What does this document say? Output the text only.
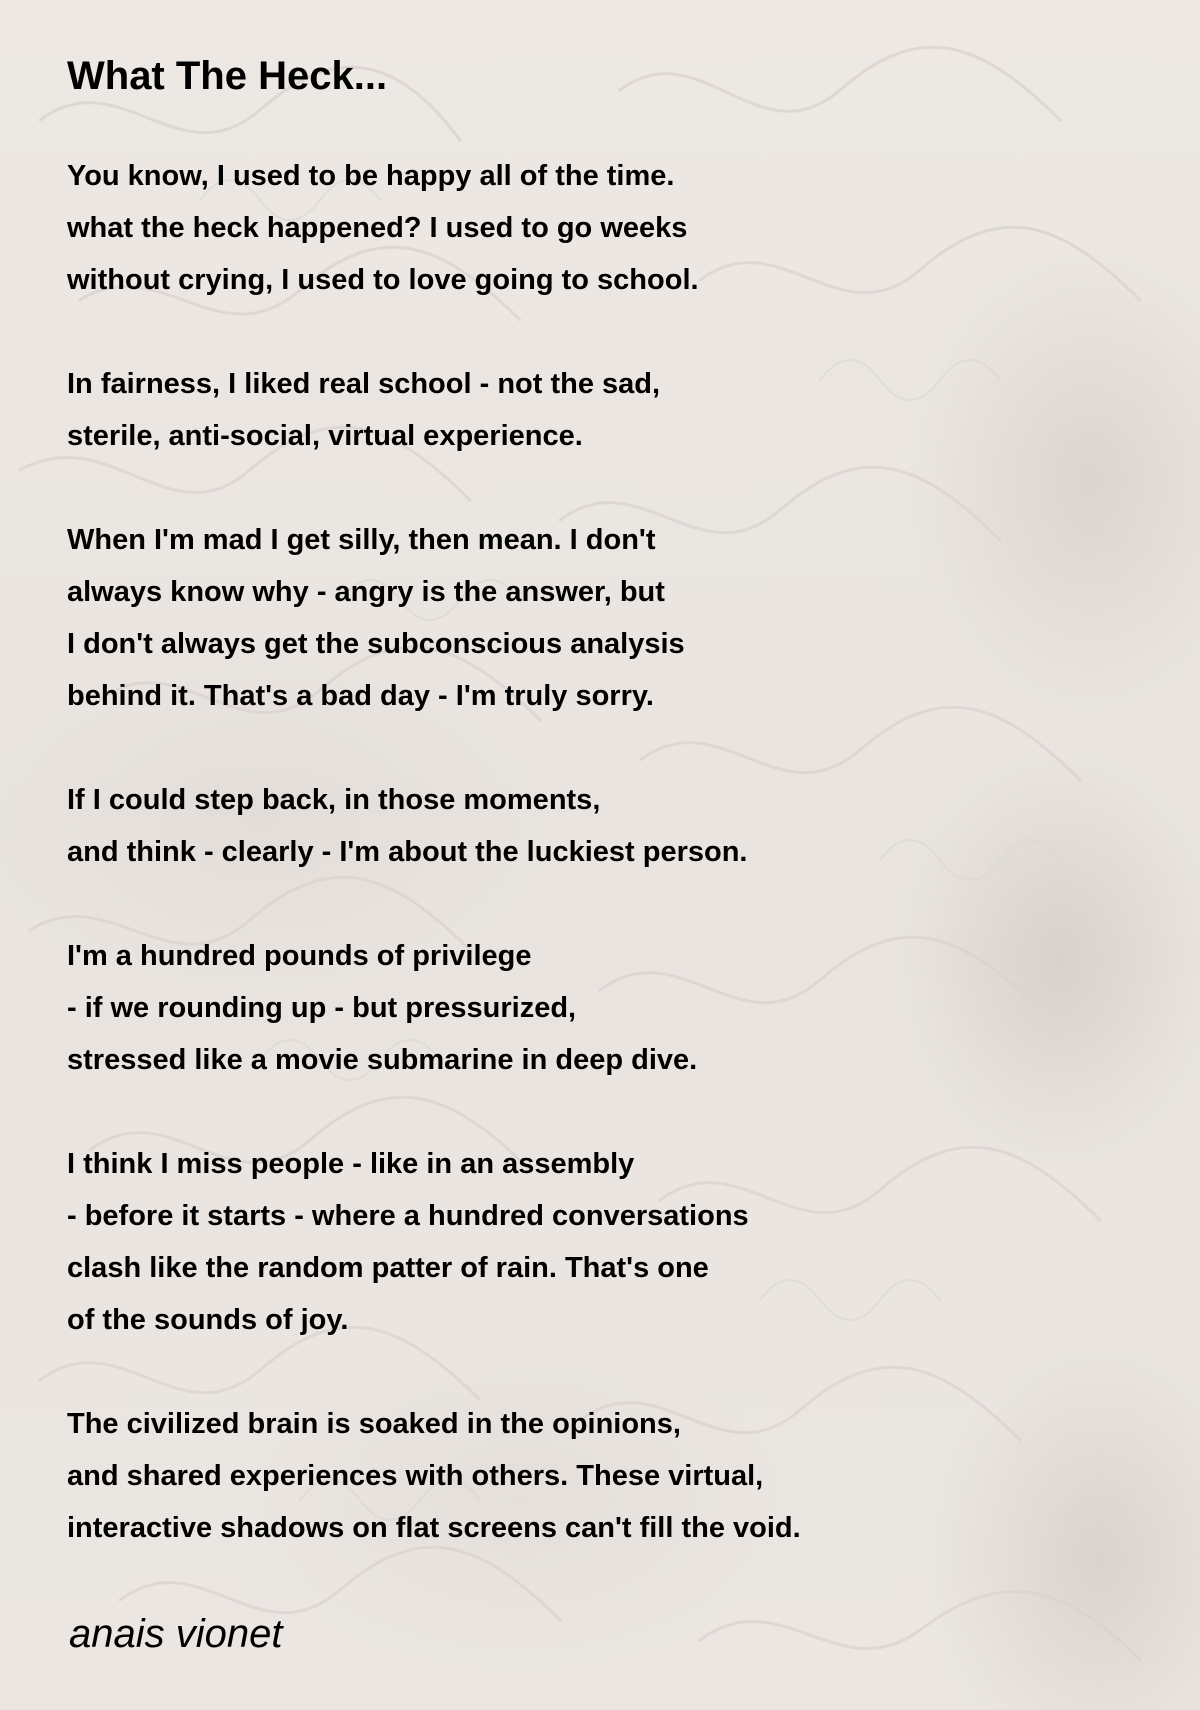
What The Heck...
You know, I used to be happy all of the time.
what the heck happened? I used to go weeks
without crying, I used to love going to school.
In fairness, I liked real school - not the sad,
sterile, anti-social, virtual experience.
When I'm mad I get silly, then mean. I don't
always know why - angry is the answer, but
I don't always get the subconscious analysis
behind it. That's a bad day - I'm truly sorry.
If I could step back, in those moments,
and think - clearly - I'm about the luckiest person.
I'm a hundred pounds of privilege
- if we rounding up - but pressurized,
stressed like a movie submarine in deep dive.
I think I miss people - like in an assembly
- before it starts - where a hundred conversations
clash like the random patter of rain. That's one
of the sounds of joy.
The civilized brain is soaked in the opinions,
and shared experiences with others. These virtual,
interactive shadows on flat screens can't fill the void.
anais vionet
